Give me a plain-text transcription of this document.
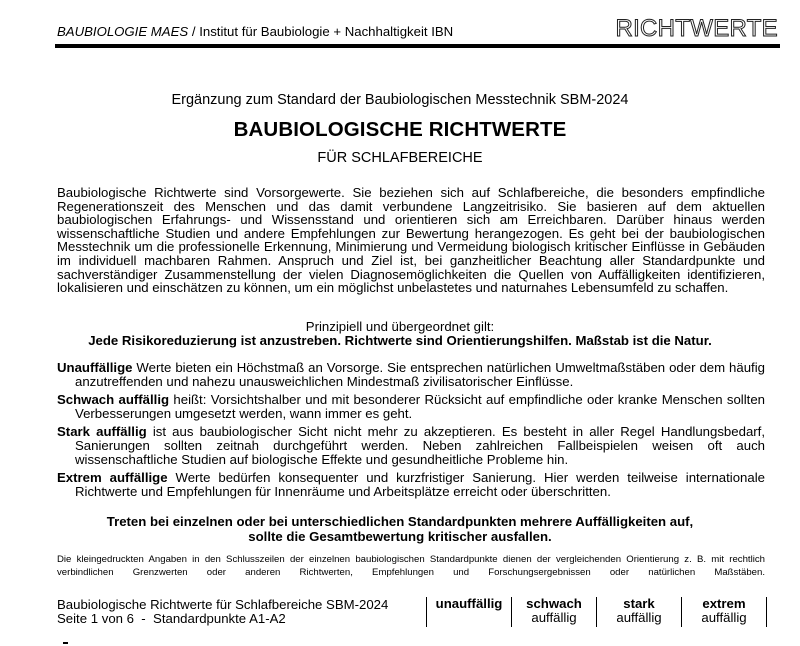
BAUBIOLOGIE MAES / Institut für Baubiologie + Nachhaltigkeit IBN	RICHTWERTE
Ergänzung zum Standard der Baubiologischen Messtechnik SBM-2024
BAUBIOLOGISCHE RICHTWERTE
FÜR SCHLAFBEREICHE
Baubiologische Richtwerte sind Vorsorgewerte. Sie beziehen sich auf Schlafbereiche, die besonders empfindliche Regenerationszeit des Menschen und das damit verbundene Langzeitrisiko. Sie basieren auf dem aktuellen baubiologischen Erfahrungs- und Wissensstand und orientieren sich am Erreichbaren. Darüber hinaus werden wissenschaftliche Studien und andere Empfehlungen zur Bewertung herangezogen. Es geht bei der baubiologischen Messtechnik um die professionelle Erkennung, Minimierung und Vermeidung biologisch kritischer Einflüsse in Gebäuden im individuell machbaren Rahmen. Anspruch und Ziel ist, bei ganzheitlicher Beachtung aller Standardpunkte und sachverständiger Zusammenstellung der vielen Diagnosemöglichkeiten die Quellen von Auffälligkeiten identifizieren, lokalisieren und einschätzen zu können, um ein möglichst unbelastetes und naturnahes Lebensumfeld zu schaffen.
Prinzipiell und übergeordnet gilt:
Jede Risikoreduzierung ist anzustreben. Richtwerte sind Orientierungshilfen. Maßstab ist die Natur.
Unauffällige Werte bieten ein Höchstmaß an Vorsorge. Sie entsprechen natürlichen Umweltmaßstäben oder dem häufig anzutreffenden und nahezu unausweichlichen Mindestmaß zivilisatorischer Einflüsse.
Schwach auffällig heißt: Vorsichtshalber und mit besonderer Rücksicht auf empfindliche oder kranke Menschen sollten Verbesserungen umgesetzt werden, wann immer es geht.
Stark auffällig ist aus baubiologischer Sicht nicht mehr zu akzeptieren. Es besteht in aller Regel Handlungsbedarf, Sanierungen sollten zeitnah durchgeführt werden. Neben zahlreichen Fallbeispielen weisen oft auch wissenschaftliche Studien auf biologische Effekte und gesundheitliche Probleme hin.
Extrem auffällige Werte bedürfen konsequenter und kurzfristiger Sanierung. Hier werden teilweise internationale Richtwerte und Empfehlungen für Innenräume und Arbeitsplätze erreicht oder überschritten.
Treten bei einzelnen oder bei unterschiedlichen Standardpunkten mehrere Auffälligkeiten auf,
sollte die Gesamtbewertung kritischer ausfallen.
Die kleingedruckten Angaben in den Schlusszeilen der einzelnen baubiologischen Standardpunkte dienen der vergleichenden Orientierung z. B. mit rechtlich verbindlichen Grenzwerten oder anderen Richtwerten, Empfehlungen und Forschungsergebnissen oder natürlichen Maßstäben.
Baubiologische Richtwerte für Schlafbereiche SBM-2024
Seite 1 von 6  -  Standardpunkte A1-A2
unauffällig	schwach
auffällig
stark
auffällig
extrem
auffällig
